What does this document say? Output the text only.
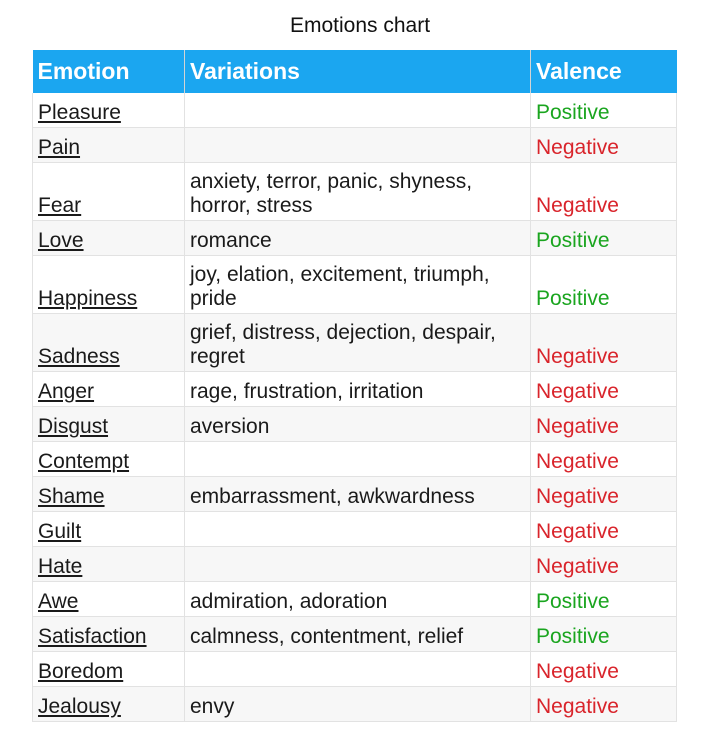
Emotions chart
Emotion	Variations	Valence
Pleasure		Positive
Pain		Negative
Fear	anxiety, terror, panic, shyness, horror, stress	Negative
Love	romance	Positive
Happiness	joy, elation, excitement, triumph, pride	Positive
Sadness	grief, distress, dejection, despair, regret	Negative
Anger	rage, frustration, irritation	Negative
Disgust	aversion	Negative
Contempt		Negative
Shame	embarrassment, awkwardness	Negative
Guilt		Negative
Hate		Negative
Awe	admiration, adoration	Positive
Satisfaction	calmness, contentment, relief	Positive
Boredom		Negative
Jealousy	envy	Negative
